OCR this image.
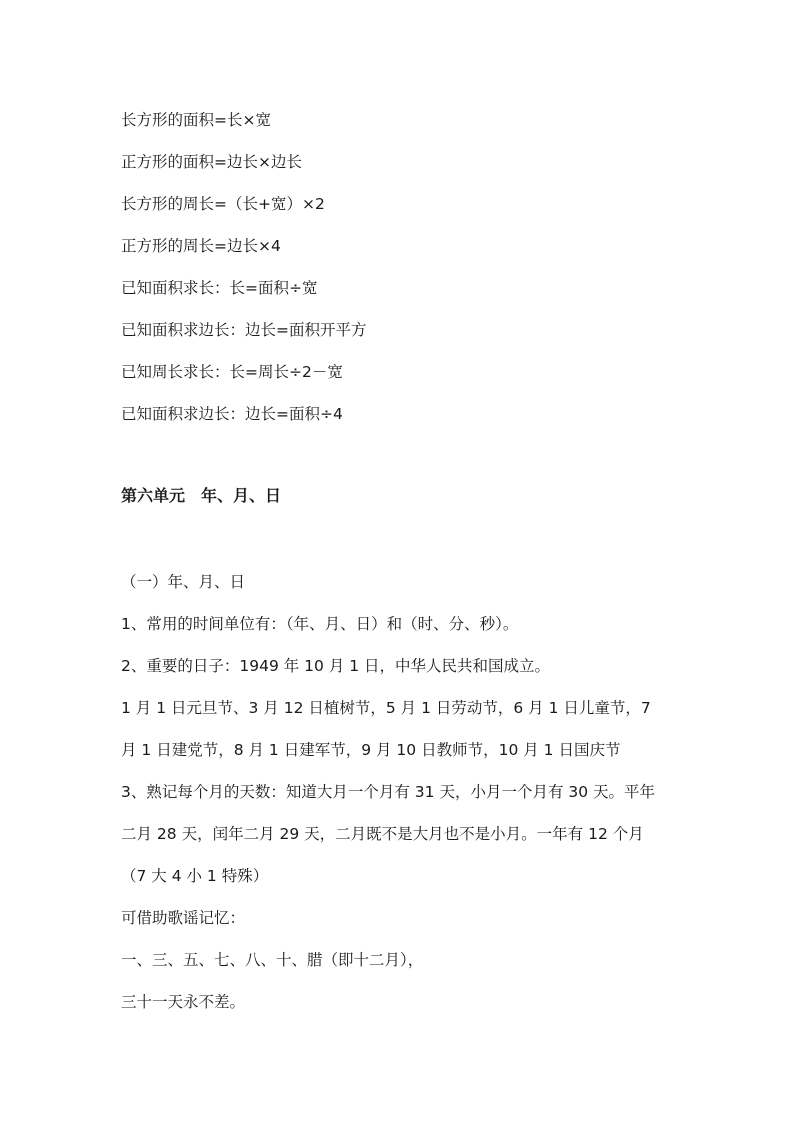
长方形的面积=长×宽
正方形的面积=边长×边长
长方形的周长=（长+宽）×2
正方形的周长=边长×4
已知面积求长：长=面积÷宽
已知面积求边长：边长=面积开平方
已知周长求长：长=周长÷2－宽
已知面积求边长：边长=面积÷4
第六单元　年、月、日
（一）年、月、日
1、常用的时间单位有：（年、月、日）和（时、分、秒）。
2、重要的日子：1949 年 10 月 1 日，中华人民共和国成立。
1 月 1 日元旦节、3 月 12 日植树节，5 月 1 日劳动节，6 月 1 日儿童节，7
月 1 日建党节，8 月 1 日建军节，9 月 10 日教师节，10 月 1 日国庆节
3、熟记每个月的天数：知道大月一个月有 31 天，小月一个月有 30 天。平年
二月 28 天，闰年二月 29 天，二月既不是大月也不是小月。一年有 12 个月
（7 大 4 小 1 特殊）
可借助歌谣记忆：
一、三、五、七、八、十、腊（即十二月），
三十一天永不差。
